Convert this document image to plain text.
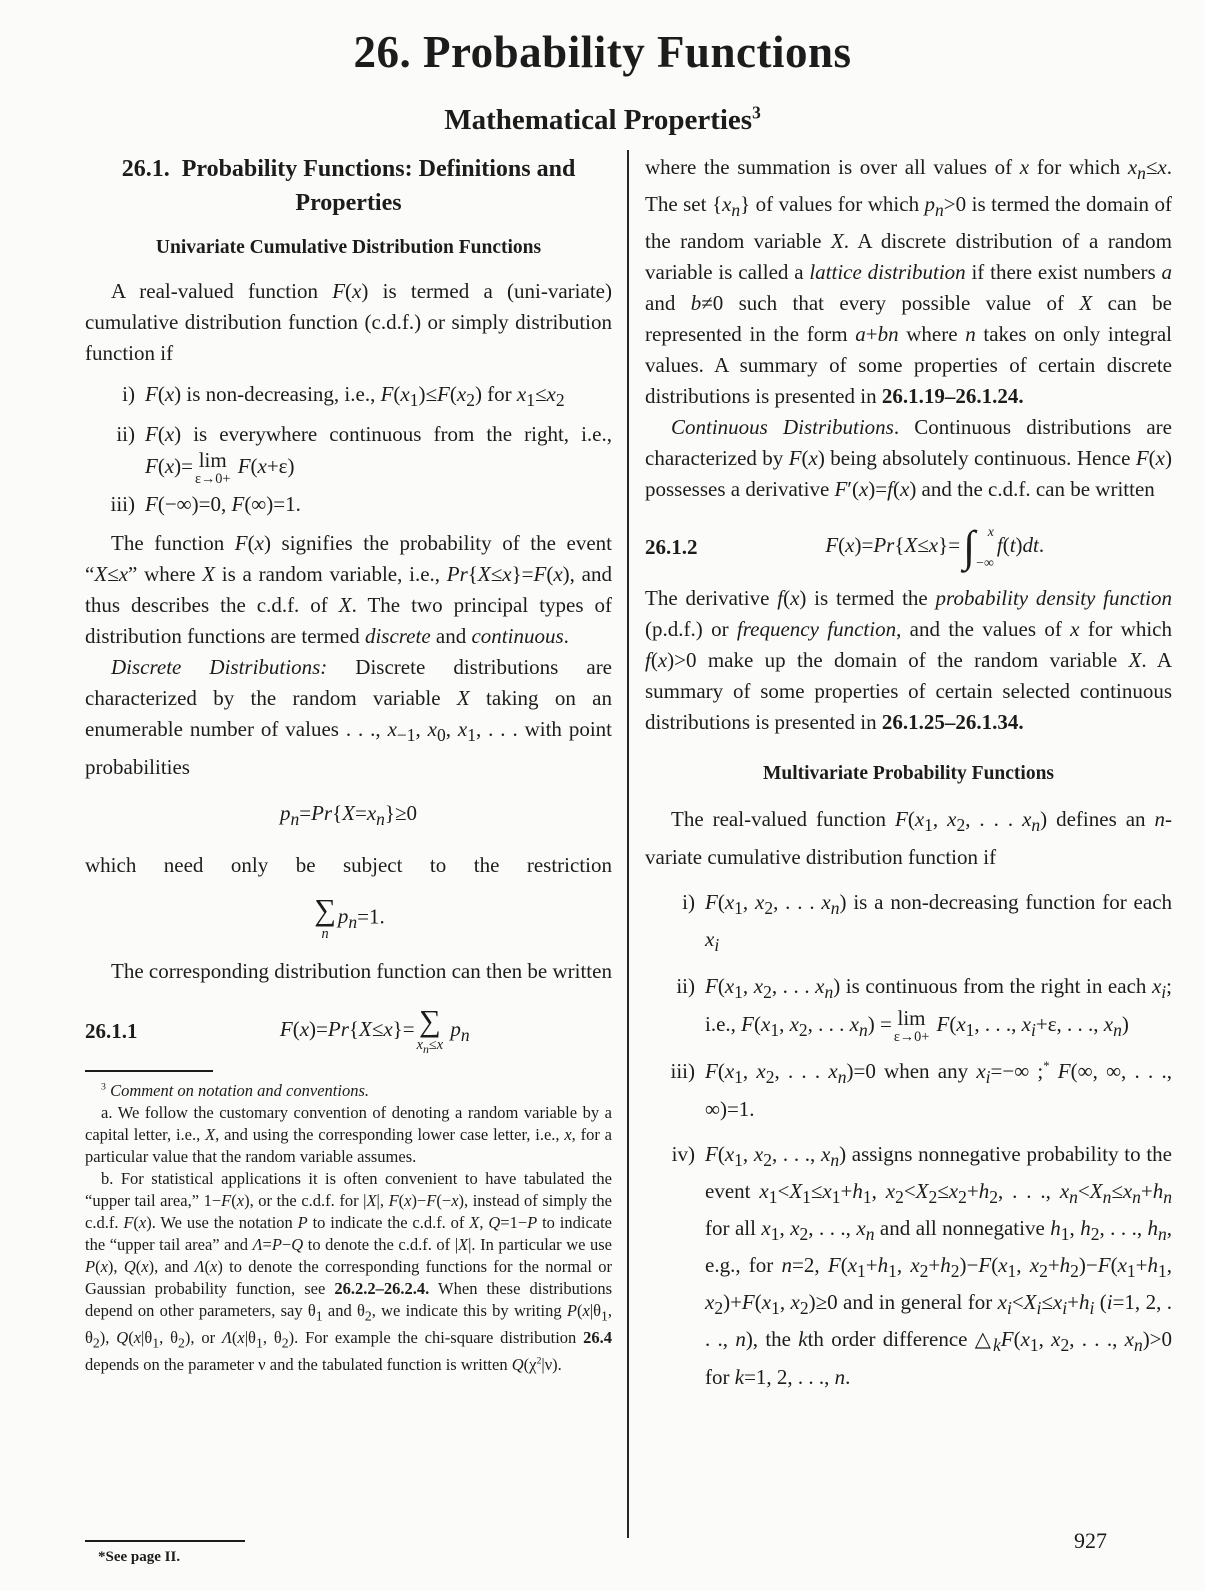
26. Probability Functions
Mathematical Properties$^3$
26.1. Probability Functions: Definitions and
Properties
Univariate Cumulative Distribution Functions

A real-valued function F(x) is termed a (uni-variate) cumulative distribution function (c.d.f.) or simply distribution function if

i) F(x) is non-decreasing, i.e., $F(x_1)\le F(x_2)$ for $x_1\le x_2$
ii) F(x) is everywhere continuous from the right, i.e., F(x)= lim
ε→0+
F(x+ε)
iii) F(−∞)=0, F(∞)=1.

The function F(x) signifies the probability of the event “X≤x” where X is a random variable, i.e., Pr{X≤x}=F(x), and thus describes the c.d.f. of X. The two principal types of distribution functions are termed discrete and continuous.

Discrete Distributions: Discrete distributions are characterized by the random variable X taking on an enumerable number of values . . ., $x_{-1}$, $x_0$, $x_1$, . . . with point probabilities

$p_n=Pr\{X=x_n\}\ge 0$

which need only be subject to the restriction

∑
n
$p_n=1$.

The corresponding distribution function can then be written

26.1.1	F(x)=Pr{X≤x}= ∑
$x_n\le x$
$p_n$

$^3$ Comment on notation and conventions.

a. We follow the customary convention of denoting a random variable by a capital letter, i.e., X, and using the corresponding lower case letter, i.e., x, for a particular value that the random variable assumes.

b. For statistical applications it is often convenient to have tabulated the “upper tail area,” 1−F(x), or the c.d.f. for |X|, F(x)−F(−x), instead of simply the c.d.f. F(x). We use the notation P to indicate the c.d.f. of X, Q=1−P to indicate the “upper tail area” and Λ=P−Q to denote the c.d.f. of |X|. In particular we use P(x), Q(x), and Λ(x) to denote the corresponding functions for the normal or Gaussian probability function, see 26.2.2–26.2.4. When these distributions depend on other parameters, say $\theta_1$ and $\theta_2$, we indicate this by writing $P(x|\theta_1$, $\theta_2$), $Q(x|\theta_1$, $\theta_2$), or $\Lambda(x|\theta_1$, $\theta_2$). For example the chi-square distribution 26.4 depends on the parameter ν and the tabulated function is written $Q(\chi^2|\nu)$.

where the summation is over all values of x for which $x_n\le x$. The set $\{x_n\}$ of values for which $p_n>0$ is termed the domain of the random variable X. A discrete distribution of a random variable is called a lattice distribution if there exist numbers a and b≠0 such that every possible value of X can be represented in the form a+bn where n takes on only integral values. A summary of some properties of certain discrete distributions is presented in 26.1.19–26.1.24.

Continuous Distributions. Continuous distributions are characterized by F(x) being absolutely continuous. Hence F(x) possesses a derivative F′(x)=f(x) and the c.d.f. can be written

26.1.2	F(x)=Pr{X≤x}= ∫ x
−∞
f(t)dt.

The derivative f(x) is termed the probability density function (p.d.f.) or frequency function, and the values of x for which f(x)>0 make up the domain of the random variable X. A summary of some properties of certain selected continuous distributions is presented in 26.1.25–26.1.34.

Multivariate Probability Functions

The real-valued function $F(x_1$, $x_2$, . . . $x_n$) defines an n-variate cumulative distribution function if

i) $F(x_1$, $x_2$, . . . $x_n$) is a non-decreasing function for each $x_i$
ii) $F(x_1$, $x_2$, . . . $x_n$) is continuous from the right in each $x_i$; i.e., $F(x_1$, $x_2$, . . . $x_n) = \lim$
ε→0+
$F(x_1$, . . ., $x_i+\varepsilon$, . . ., $x_n$)
iii) $F(x_1$, $x_2$, . . . $x_n)=0$ when any $x_i=-\infty$ ;* F(∞, ∞, . . ., ∞)=1.
iv) $F(x_1$, $x_2$, . . ., $x_n$) assigns nonnegative probability to the event $x_1<X_1\le x_1+h_1$, $x_2<X_2\le x_2+h_2$, . . ., $x_n<X_n\le x_n+h_n$ for all $x_1$, $x_2$, . . ., $x_n$ and all nonnegative $h_1$, $h_2$, . . ., $h_n$, e.g., for n=2, $F(x_1+h_1$, $x_2+h_2)-F(x_1$, $x_2+h_2)-F(x_1+h_1$, $x_2)+F(x_1$, $x_2)\ge 0$ and in general for $x_i<X_i\le x_i+h_i$ (i=1, 2, . . ., n), the kth order difference $\triangle_kF(x_1$, $x_2$, . . ., $x_n)>0$ for k=1, 2, . . ., n.
*See page II.
927
